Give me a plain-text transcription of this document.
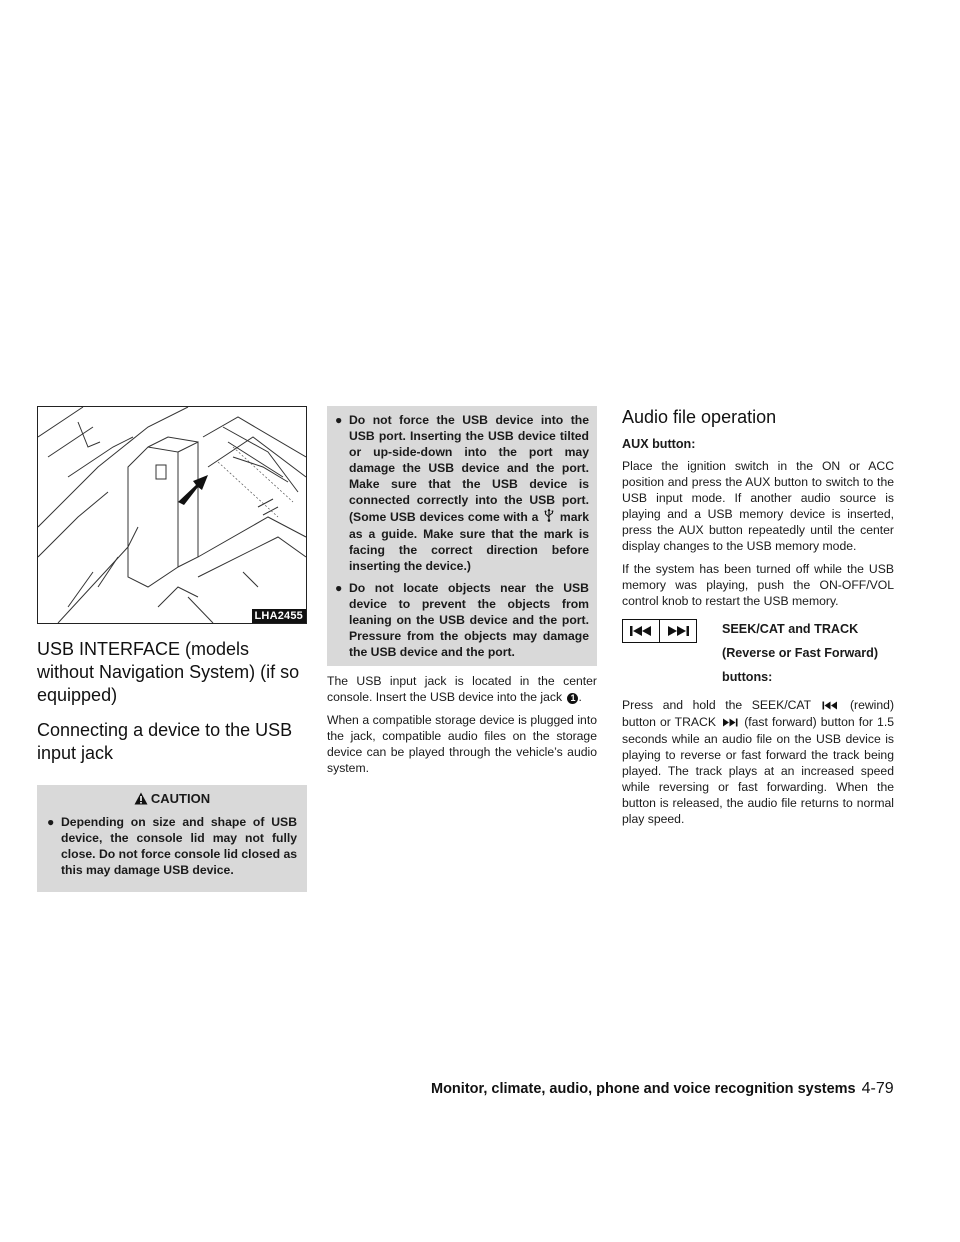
LHA2455
USB INTERFACE (models without Navigation System) (if so equipped)
Connecting a device to the USB input jack
CAUTION
● Depending on size and shape of USB device, the console lid may not fully close. Do not force console lid closed as this may damage USB device.
● Do not force the USB device into the USB port. Inserting the USB device tilted or up-side-down into the port may damage the USB device and the port. Make sure that the USB device is connected correctly into the USB port. (Some USB devices come with a mark as a guide. Make sure that the mark is facing the correct direction before inserting the device.)
● Do not locate objects near the USB device to prevent the objects from leaning on the USB device and the port. Pressure from the objects may damage the USB device and the port.

The USB input jack is located in the center console. Insert the USB device into the jack 1 .

When a compatible storage device is plugged into the jack, compatible audio files on the storage device can be played through the vehicle’s audio system.

Audio file operation
AUX button:

Place the ignition switch in the ON or ACC position and press the AUX button to switch to the USB input mode. If another audio source is playing and a USB memory device is inserted, press the AUX button repeatedly until the center display changes to the USB memory mode.

If the system has been turned off while the USB memory was playing, push the ON-OFF/VOL control knob to restart the USB memory.

SEEK/CAT and TRACK
(Reverse or Fast Forward)
buttons:

Press and hold the SEEK/CAT	(rewind) button or TRACK (fast forward) button for 1.5 seconds while an audio file on the USB device is playing to reverse or fast forward the track being played. The track plays at an increased speed while reversing or fast forwarding. When the button is released, the audio file returns to normal play speed.

Monitor, climate, audio, phone and voice recognition systems 4-79
